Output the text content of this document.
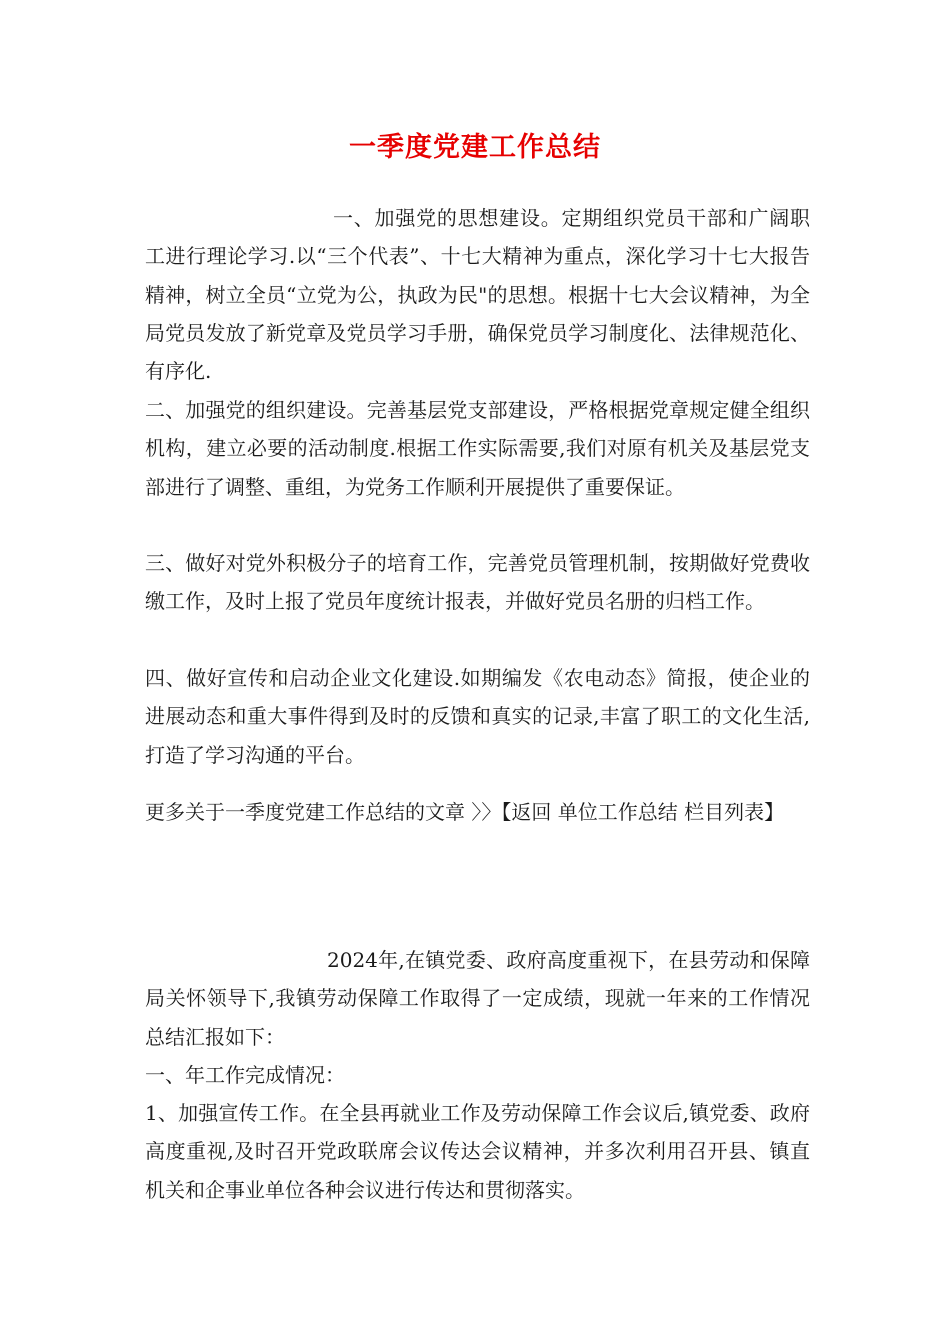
一季度党建工作总结

一、加强党的思想建设。定期组织党员干部和广阔职工进行理论学习.以“三个代表”、十七大精神为重点，深化学习十七大报告精神，树立全员“立党为公，执政为民"的思想。根据十七大会议精神，为全局党员发放了新党章及党员学习手册，确保党员学习制度化、法律规范化、有序化.

二、加强党的组织建设。完善基层党支部建设，严格根据党章规定健全组织机构，建立必要的活动制度.根据工作实际需要,我们对原有机关及基层党支部进行了调整、重组，为党务工作顺利开展提供了重要保证。

三、做好对党外积极分子的培育工作，完善党员管理机制，按期做好党费收缴工作，及时上报了党员年度统计报表，并做好党员名册的归档工作。

四、做好宣传和启动企业文化建设.如期编发《农电动态》简报，使企业的进展动态和重大事件得到及时的反馈和真实的记录,丰富了职工的文化生活,打造了学习沟通的平台。

更多关于一季度党建工作总结的文章 〉〉【返回 单位工作总结 栏目列表】

2024年,在镇党委、政府高度重视下，在县劳动和保障局关怀领导下,我镇劳动保障工作取得了一定成绩，现就一年来的工作情况总结汇报如下：

一、年工作完成情况：

1、加强宣传工作。在全县再就业工作及劳动保障工作会议后,镇党委、政府高度重视,及时召开党政联席会议传达会议精神，并多次利用召开县、镇直机关和企事业单位各种会议进行传达和贯彻落实。
